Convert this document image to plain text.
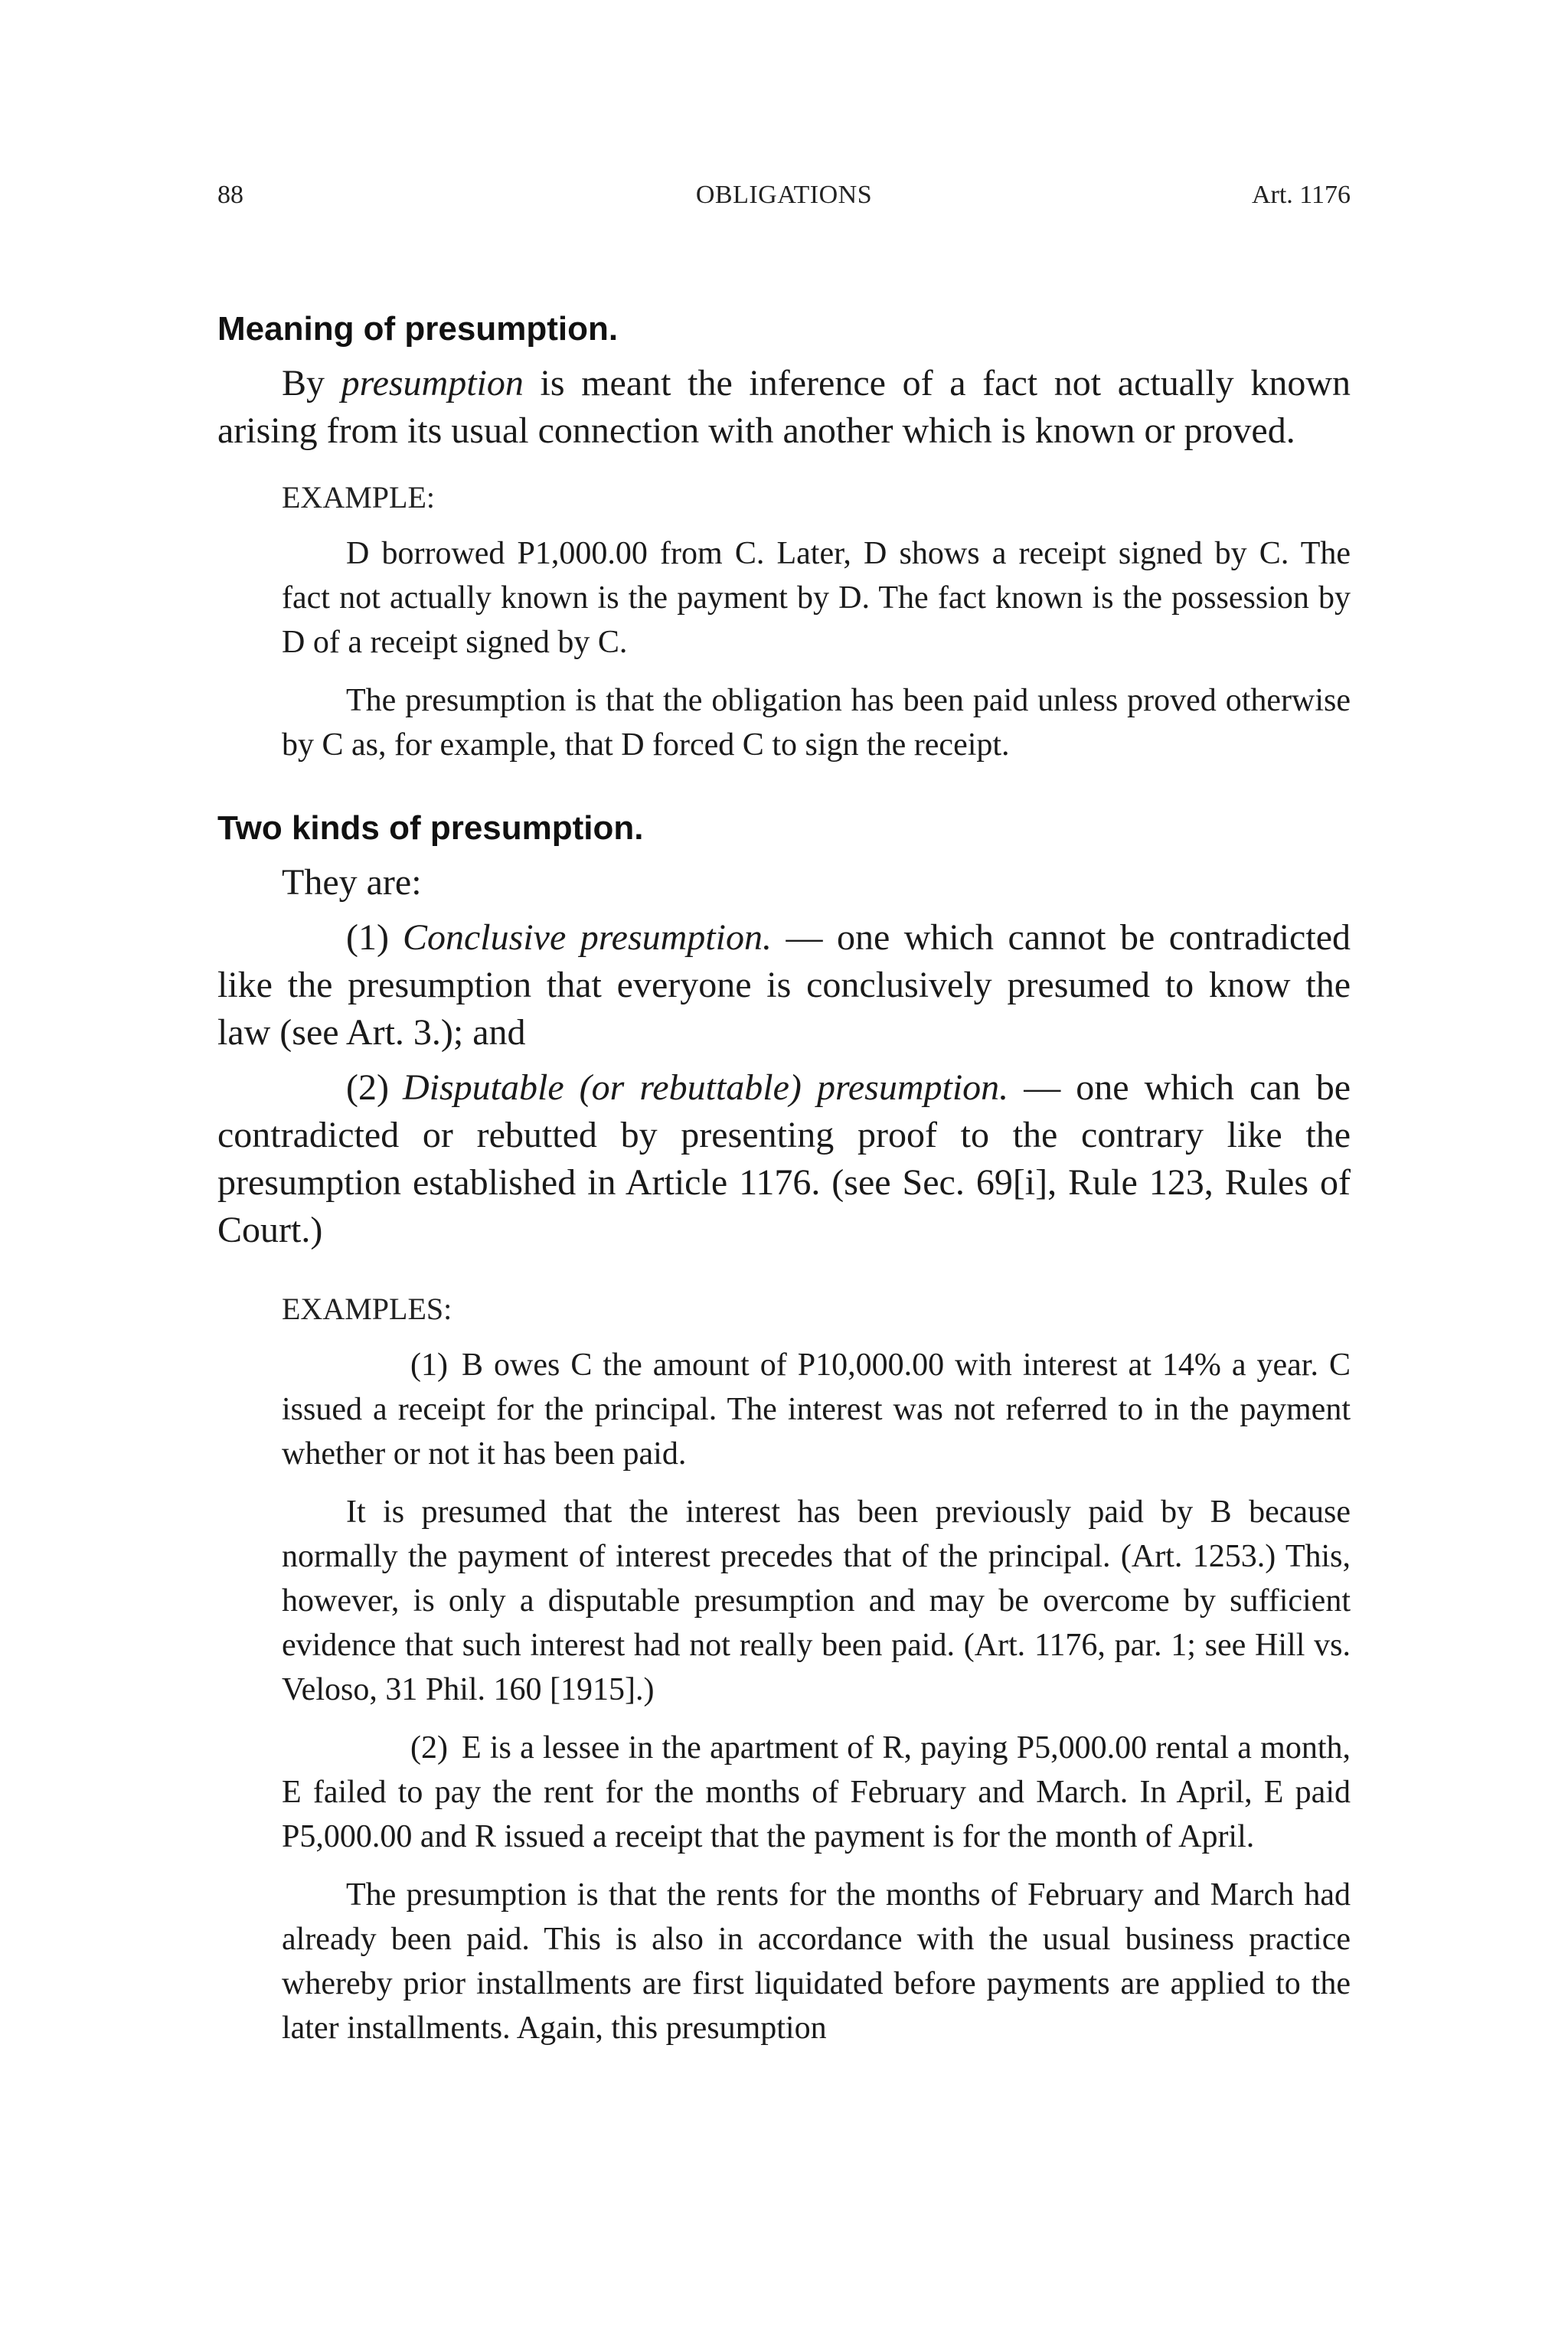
88	OBLIGATIONS	Art. 1176
Meaning of presumption.

By presumption is meant the inference of a fact not actually known arising from its usual connection with another which is known or proved.

EXAMPLE:

D borrowed P1,000.00 from C. Later, D shows a receipt signed by C. The fact not actually known is the payment by D. The fact known is the possession by D of a receipt signed by C.

The presumption is that the obligation has been paid unless proved otherwise by C as, for example, that D forced C to sign the receipt.

Two kinds of presumption.

They are:

(1) Conclusive presumption. — one which cannot be contradicted like the presumption that everyone is conclusively presumed to know the law (see Art. 3.); and

(2) Disputable (or rebuttable) presumption. — one which can be contradicted or rebutted by presenting proof to the contrary like the presumption established in Article 1176. (see Sec. 69[i], Rule 123, Rules of Court.)

EXAMPLES:

(1) B owes C the amount of P10,000.00 with interest at 14% a year. C issued a receipt for the principal. The interest was not referred to in the payment whether or not it has been paid.

It is presumed that the interest has been previously paid by B because normally the payment of interest precedes that of the principal. (Art. 1253.) This, however, is only a disputable presumption and may be overcome by sufficient evidence that such interest had not really been paid. (Art. 1176, par. 1; see Hill vs. Veloso, 31 Phil. 160 [1915].)

(2) E is a lessee in the apartment of R, paying P5,000.00 rental a month, E failed to pay the rent for the months of February and March. In April, E paid P5,000.00 and R issued a receipt that the payment is for the month of April.

The presumption is that the rents for the months of February and March had already been paid. This is also in accordance with the usual business practice whereby prior installments are first liquidated before payments are applied to the later installments. Again, this presumption
